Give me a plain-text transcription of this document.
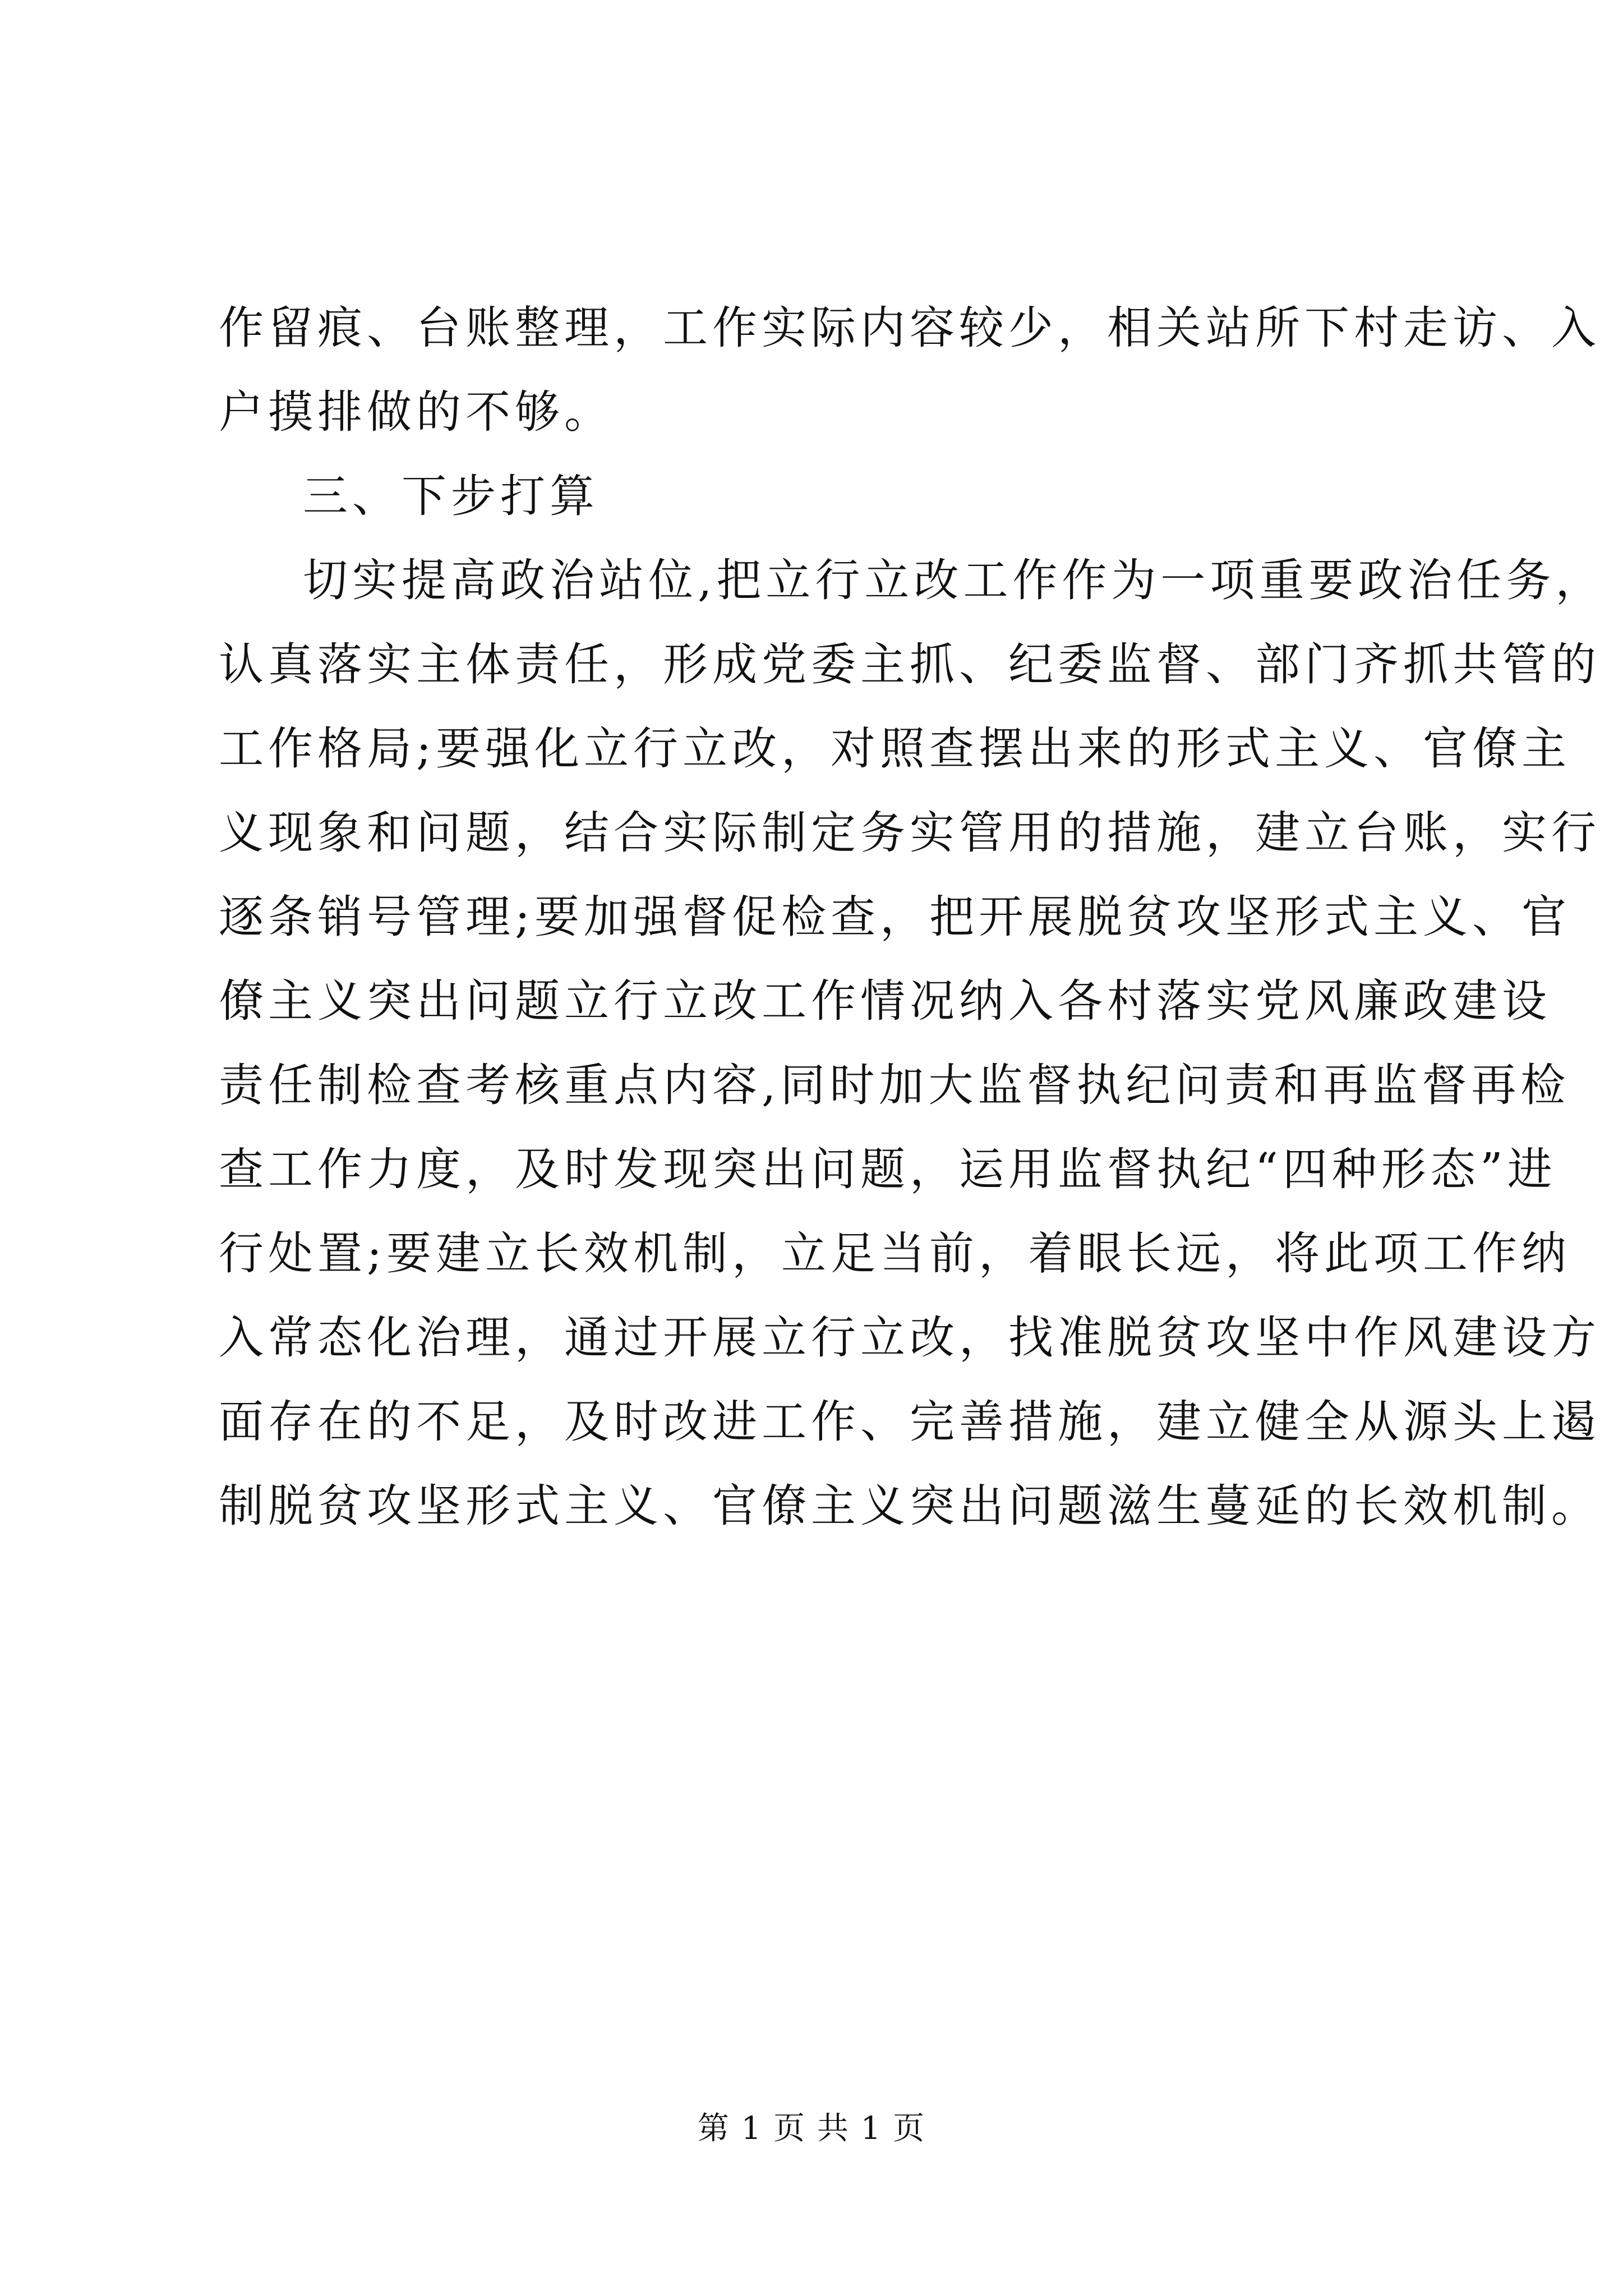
作留痕、台账整理，工作实际内容较少，相关站所下村走访、入
户摸排做的不够。
三、下步打算
切实提高政治站位,把立行立改工作作为一项重要政治任务，
认真落实主体责任，形成党委主抓、纪委监督、部门齐抓共管的
工作格局;要强化立行立改，对照查摆出来的形式主义、官僚主
义现象和问题，结合实际制定务实管用的措施，建立台账，实行
逐条销号管理;要加强督促检查，把开展脱贫攻坚形式主义、官
僚主义突出问题立行立改工作情况纳入各村落实党风廉政建设
责任制检查考核重点内容,同时加大监督执纪问责和再监督再检
查工作力度，及时发现突出问题，运用监督执纪“四种形态”进
行处置;要建立长效机制，立足当前，着眼长远，将此项工作纳
入常态化治理，通过开展立行立改，找准脱贫攻坚中作风建设方
面存在的不足，及时改进工作、完善措施，建立健全从源头上遏
制脱贫攻坚形式主义、官僚主义突出问题滋生蔓延的长效机制。
第 1 页 共 1 页
